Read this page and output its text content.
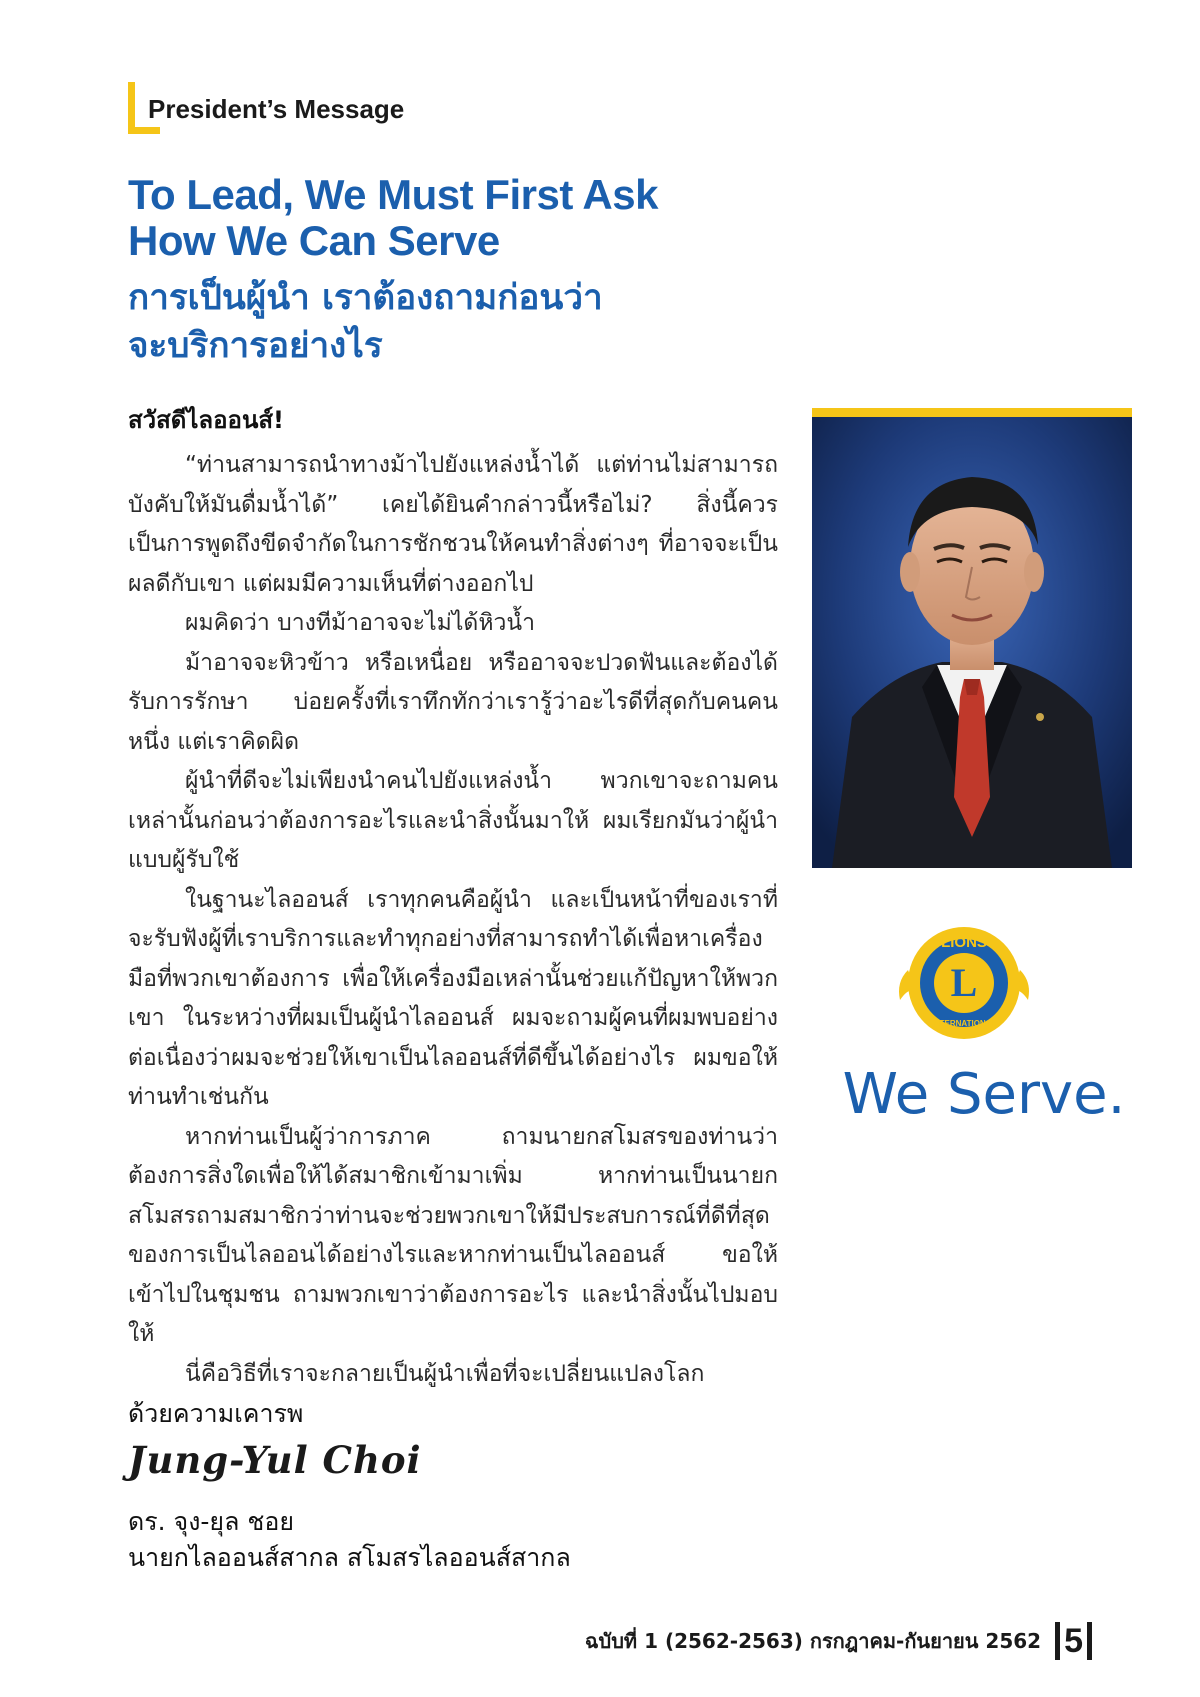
President’s Message
To Lead, We Must First Ask
How We Can Serve
การเป็นผู้นำ เราต้องถามก่อนว่า
จะบริการอย่างไร
สวัสดีไลออนส์!

“ท่านสามารถนำทางม้าไปยังแหล่งน้ำได้ แต่ท่านไม่สามารถบังคับให้มันดื่มน้ำได้” เคยได้ยินคำกล่าวนี้หรือไม่? สิ่งนี้ควรเป็นการพูดถึงขีดจำกัดในการชักชวนให้คนทำสิ่งต่างๆ ที่อาจจะเป็นผลดีกับเขา แต่ผมมีความเห็นที่ต่างออกไป

ผมคิดว่า บางทีม้าอาจจะไม่ได้หิวน้ำ

ม้าอาจจะหิวข้าว หรือเหนื่อย หรืออาจจะปวดฟันและต้องได้รับการรักษา บ่อยครั้งที่เราทึกทักว่าเรารู้ว่าอะไรดีที่สุดกับคนคนหนึ่ง แต่เราคิดผิด

ผู้นำที่ดีจะไม่เพียงนำคนไปยังแหล่งน้ำ พวกเขาจะถามคนเหล่านั้นก่อนว่าต้องการอะไรและนำสิ่งนั้นมาให้ ผมเรียกมันว่าผู้นำแบบผู้รับใช้

ในฐานะไลออนส์ เราทุกคนคือผู้นำ และเป็นหน้าที่ของเราที่จะรับฟังผู้ที่เราบริการและทำทุกอย่างที่สามารถทำได้เพื่อหาเครื่องมือที่พวกเขาต้องการ เพื่อให้เครื่องมือเหล่านั้นช่วยแก้ปัญหาให้พวกเขา ในระหว่างที่ผมเป็นผู้นำไลออนส์ ผมจะถามผู้คนที่ผมพบอย่างต่อเนื่องว่าผมจะช่วยให้เขาเป็นไลออนส์ที่ดีขึ้นได้อย่างไร ผมขอให้ท่านทำเช่นกัน

หากท่านเป็นผู้ว่าการภาค ถามนายกสโมสรของท่านว่าต้องการสิ่งใดเพื่อให้ได้สมาชิกเข้ามาเพิ่ม หากท่านเป็นนายกสโมสรถามสมาชิกว่าท่านจะช่วยพวกเขาให้มีประสบการณ์ที่ดีที่สุดของการเป็นไลออนได้อย่างไรและหากท่านเป็นไลออนส์ ขอให้เข้าไปในชุมชน ถามพวกเขาว่าต้องการอะไร และนำสิ่งนั้นไปมอบให้

นี่คือวิธีที่เราจะกลายเป็นผู้นำเพื่อที่จะเปลี่ยนแปลงโลก

ด้วยความเคารพ
Jung-Yul Choi
ดร. จุง-ยุล ชอย
นายกไลออนส์สากล สโมสรไลออนส์สากล
L
LIONS
INTERNATIONAL
We Serve.
ฉบับที่ 1 (2562-2563) กรกฎาคม-กันยายน 2562 5
